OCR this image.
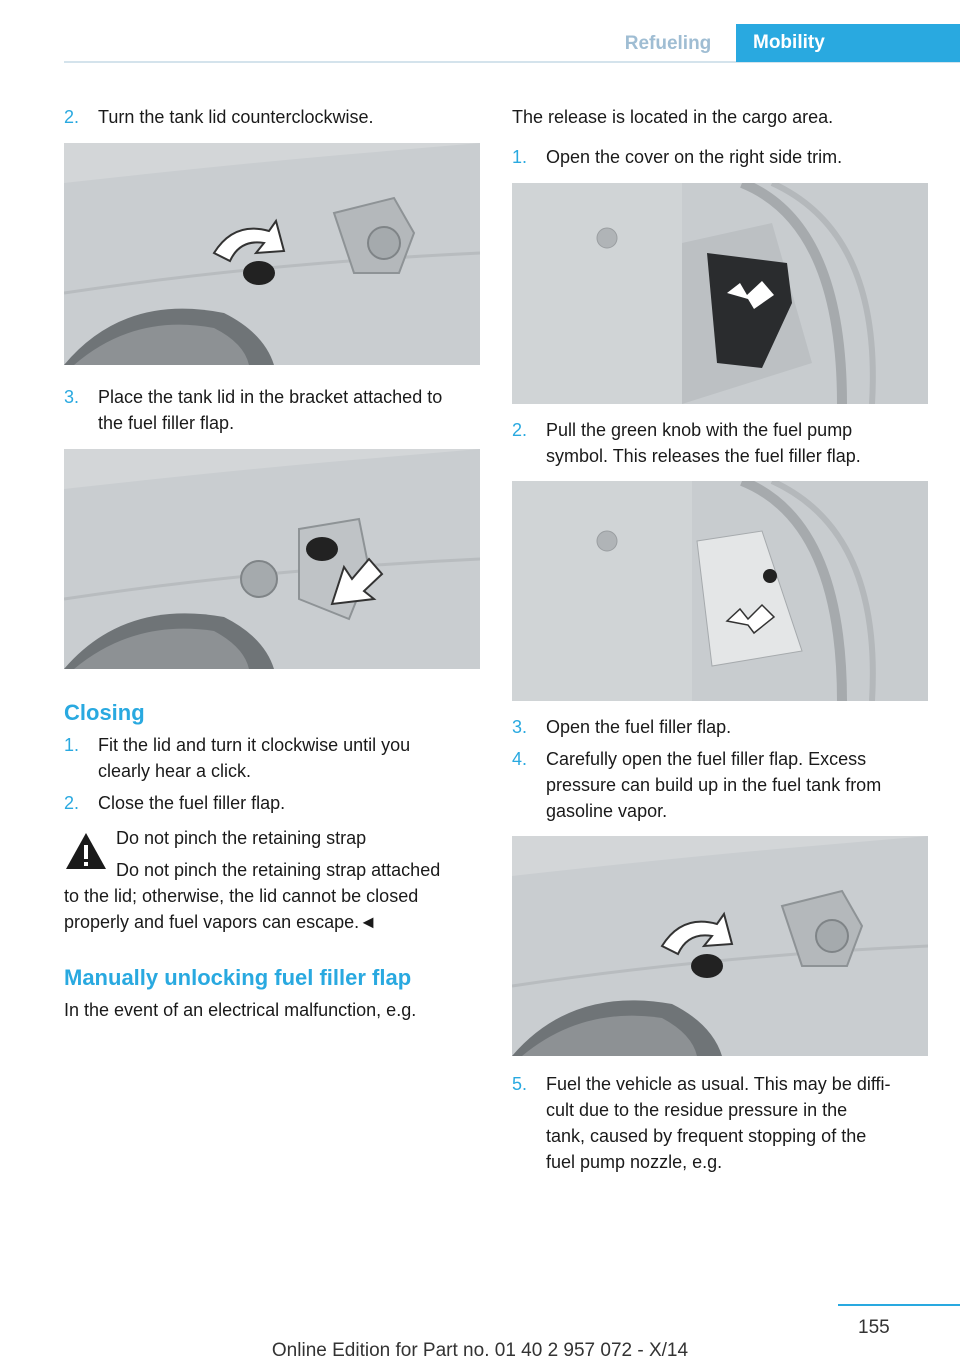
Refueling	Mobility
2. Turn the tank lid counterclockwise.
3. Place the tank lid in the bracket attached to
the fuel filler flap.
Closing
1. Fit the lid and turn it clockwise until you
clearly hear a click.
2. Close the fuel filler flap.
Do not pinch the retaining strap
Do not pinch the retaining strap attached
to the lid; otherwise, the lid cannot be closed
properly and fuel vapors can escape.◄
Manually unlocking fuel filler flap
In the event of an electrical malfunction, e.g.
The release is located in the cargo area.
1. Open the cover on the right side trim.
2. Pull the green knob with the fuel pump
symbol. This releases the fuel filler flap.
3. Open the fuel filler flap.
4. Carefully open the fuel filler flap. Excess
pressure can build up in the fuel tank from
gasoline vapor.
5. Fuel the vehicle as usual. This may be diffi‐
cult due to the residue pressure in the
tank, caused by frequent stopping of the
fuel pump nozzle, e.g.
155
Online Edition for Part no. 01 40 2 957 072 - X/14
